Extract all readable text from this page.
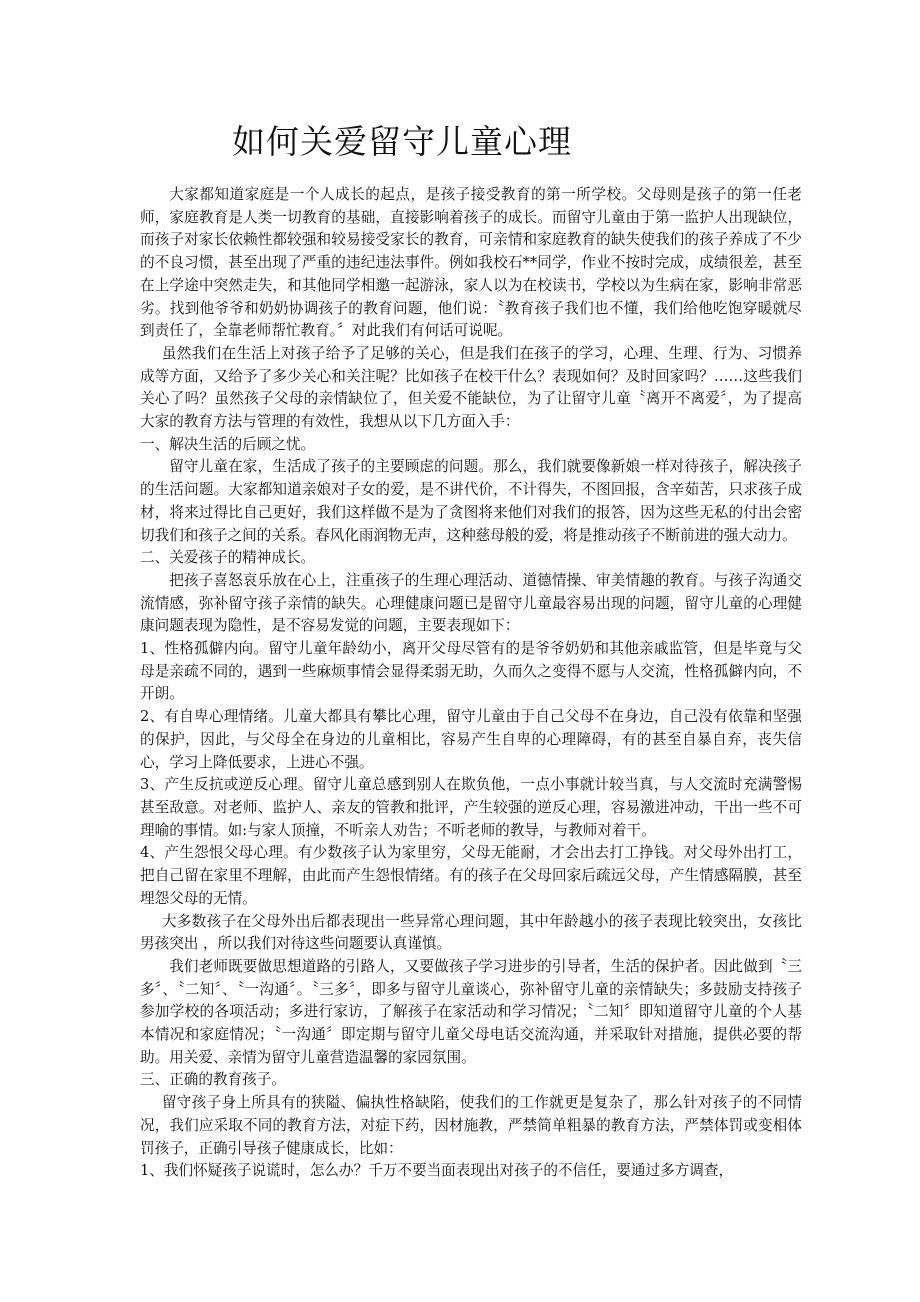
如何关爱留守儿童心理

大家都知道家庭是一个人成长的起点，是孩子接受教育的第一所学校。父母则是孩子的第一任老师，家庭教育是人类一切教育的基础，直接影响着孩子的成长。而留守儿童由于第一监护人出现缺位，而孩子对家长依赖性都较强和较易接受家长的教育，可亲情和家庭教育的缺失使我们的孩子养成了不少的不良习惯，甚至出现了严重的违纪违法事件。例如我校石**同学，作业不按时完成，成绩很差，甚至在上学途中突然走失，和其他同学相邀一起游泳，家人以为在校读书，学校以为生病在家，影响非常恶劣。找到他爷爷和奶奶协调孩子的教育问题，他们说：〝教育孩子我们也不懂，我们给他吃饱穿暖就尽到责任了，全靠老师帮忙教育。〞对此我们有何话可说呢。

虽然我们在生活上对孩子给予了足够的关心，但是我们在孩子的学习，心理、生理、行为、习惯养成等方面，又给予了多少关心和关注呢？比如孩子在校干什么？表现如何？及时回家吗？……这些我们关心了吗？虽然孩子父母的亲情缺位了，但关爱不能缺位，为了让留守儿童〝离开不离爱〞，为了提高大家的教育方法与管理的有效性，我想从以下几方面入手：

一、解决生活的后顾之忧。

留守儿童在家，生活成了孩子的主要顾虑的问题。那么，我们就要像新娘一样对待孩子，解决孩子的生活问题。大家都知道亲娘对子女的爱，是不讲代价，不计得失，不图回报，含辛茹苦，只求孩子成材，将来过得比自己更好，我们这样做不是为了贪图将来他们对我们的报答，因为这些无私的付出会密切我们和孩子之间的关系。春风化雨润物无声，这种慈母般的爱，将是推动孩子不断前进的强大动力。

二、关爱孩子的精神成长。

把孩子喜怒哀乐放在心上，注重孩子的生理心理活动、道德情操、审美情趣的教育。与孩子沟通交流情感，弥补留守孩子亲情的缺失。心理健康问题已是留守儿童最容易出现的问题，留守儿童的心理健康问题表现为隐性，是不容易发觉的问题，主要表现如下：

1、性格孤僻内向。留守儿童年龄幼小，离开父母尽管有的是爷爷奶奶和其他亲戚监管，但是毕竟与父母是亲疏不同的，遇到一些麻烦事情会显得柔弱无助，久而久之变得不愿与人交流，性格孤僻内向，不开朗。

2、有自卑心理情绪。儿童大都具有攀比心理，留守儿童由于自己父母不在身边，自己没有依靠和坚强的保护，因此，与父母全在身边的儿童相比，容易产生自卑的心理障碍，有的甚至自暴自弃，丧失信心，学习上降低要求，上进心不强。

3、产生反抗或逆反心理。留守儿童总感到别人在欺负他，一点小事就计较当真，与人交流时充满警惕甚至敌意。对老师、监护人、亲友的管教和批评，产生较强的逆反心理，容易激进冲动，干出一些不可理喻的事情。如:与家人顶撞，不听亲人劝告；不听老师的教导，与教师对着干。

4、产生怨恨父母心理。有少数孩子认为家里穷，父母无能耐，才会出去打工挣钱。对父母外出打工，把自己留在家里不理解，由此而产生怨恨情绪。有的孩子在父母回家后疏远父母，产生情感隔膜，甚至埋怨父母的无情。

大多数孩子在父母外出后都表现出一些异常心理问题，其中年龄越小的孩子表现比较突出，女孩比男孩突出 ，所以我们对待这些问题要认真谨慎。

我们老师既要做思想道路的引路人，又要做孩子学习进步的引导者，生活的保护者。因此做到〝三多〞、〝二知〞、〝一沟通〞。〝三多〞，即多与留守儿童谈心，弥补留守儿童的亲情缺失；多鼓励支持孩子参加学校的各项活动；多进行家访，了解孩子在家活动和学习情况；〝二知〞即知道留守儿童的个人基本情况和家庭情况；〝一沟通〞即定期与留守儿童父母电话交流沟通，并采取针对措施，提供必要的帮助。用关爱、亲情为留守儿童营造温馨的家园氛围。

三、正确的教育孩子。

留守孩子身上所具有的狭隘、偏执性格缺陷，使我们的工作就更是复杂了，那么针对孩子的不同情况，我们应采取不同的教育方法，对症下药，因材施教，严禁简单粗暴的教育方法，严禁体罚或变相体罚孩子，正确引导孩子健康成长，比如：

1、我们怀疑孩子说谎时，怎么办？千万不要当面表现出对孩子的不信任，要通过多方调查，
